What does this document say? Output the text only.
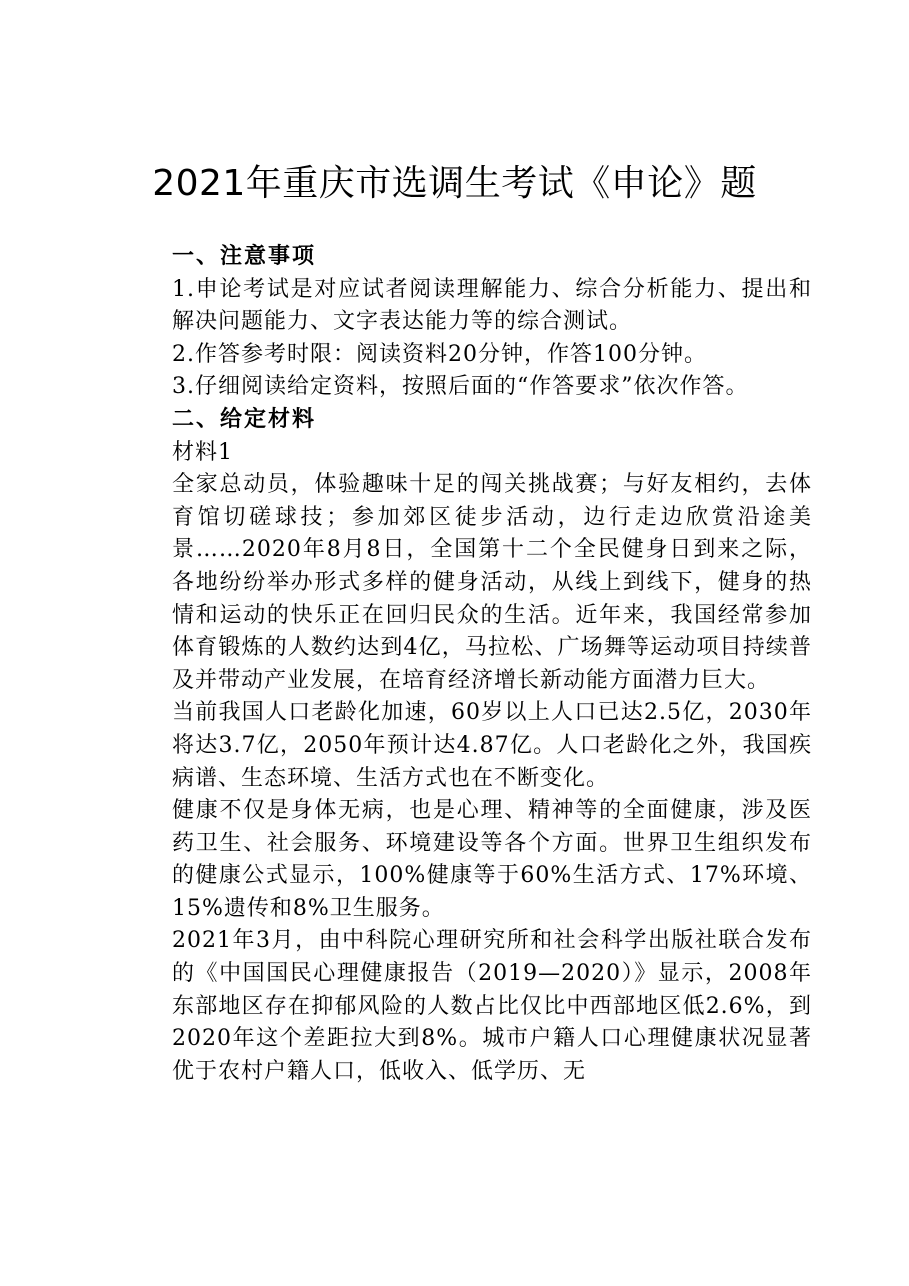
2021年重庆市选调生考试《申论》题

一、注意事项

1.申论考试是对应试者阅读理解能力、综合分析能力、提出和解决问题能力、文字表达能力等的综合测试。

2.作答参考时限：阅读资料20分钟，作答100分钟。

3.仔细阅读给定资料，按照后面的“作答要求”依次作答。

二、给定材料

材料1

全家总动员，体验趣味十足的闯关挑战赛；与好友相约，去体育馆切磋球技；参加郊区徒步活动，边行走边欣赏沿途美景……2020年8月8日，全国第十二个全民健身日到来之际，各地纷纷举办形式多样的健身活动，从线上到线下，健身的热情和运动的快乐正在回归民众的生活。近年来，我国经常参加体育锻炼的人数约达到4亿，马拉松、广场舞等运动项目持续普及并带动产业发展，在培育经济增长新动能方面潜力巨大。

当前我国人口老龄化加速，60岁以上人口已达2.5亿，2030年将达3.7亿，2050年预计达4.87亿。人口老龄化之外，我国疾病谱、生态环境、生活方式也在不断变化。

健康不仅是身体无病，也是心理、精神等的全面健康，涉及医药卫生、社会服务、环境建设等各个方面。世界卫生组织发布的健康公式显示，100%健康等于60%生活方式、17%环境、15%遗传和8%卫生服务。

2021年3月，由中科院心理研究所和社会科学出版社联合发布的《中国国民心理健康报告（2019—2020）》显示，2008年东部地区存在抑郁风险的人数占比仅比中西部地区低2.6%，到2020年这个差距拉大到8%。城市户籍人口心理健康状况显著优于农村户籍人口，低收入、低学历、无
